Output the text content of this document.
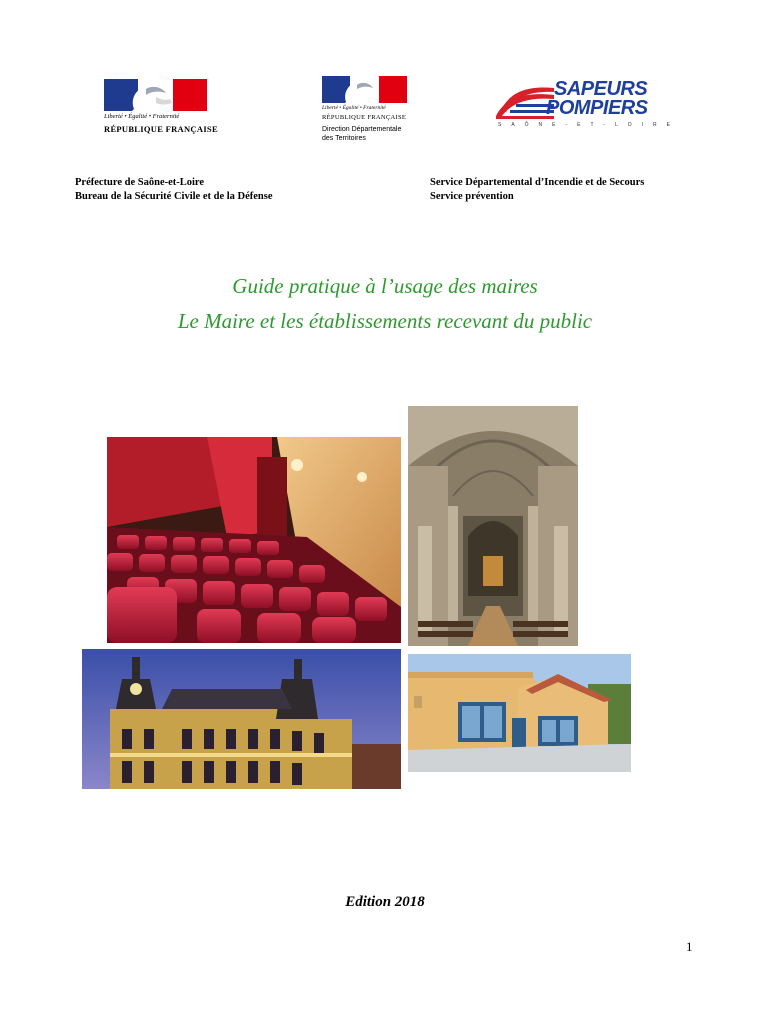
Liberté • Égalité • Fraternité
RÉPUBLIQUE FRANÇAISE
Liberté • Égalité • Fraternité
RÉPUBLIQUE FRANÇAISE
Direction Départementale
des Territoires
SAPEURS
POMPIERS
SAÔNE-ET-LOIRE
Préfecture de Saône-et-Loire
Bureau de la Sécurité Civile et de la Défense
Service Départemental d’Incendie et de Secours
Service prévention
Guide pratique à l’usage des maires
Le Maire et les établissements recevant du public
Edition 2018
1
